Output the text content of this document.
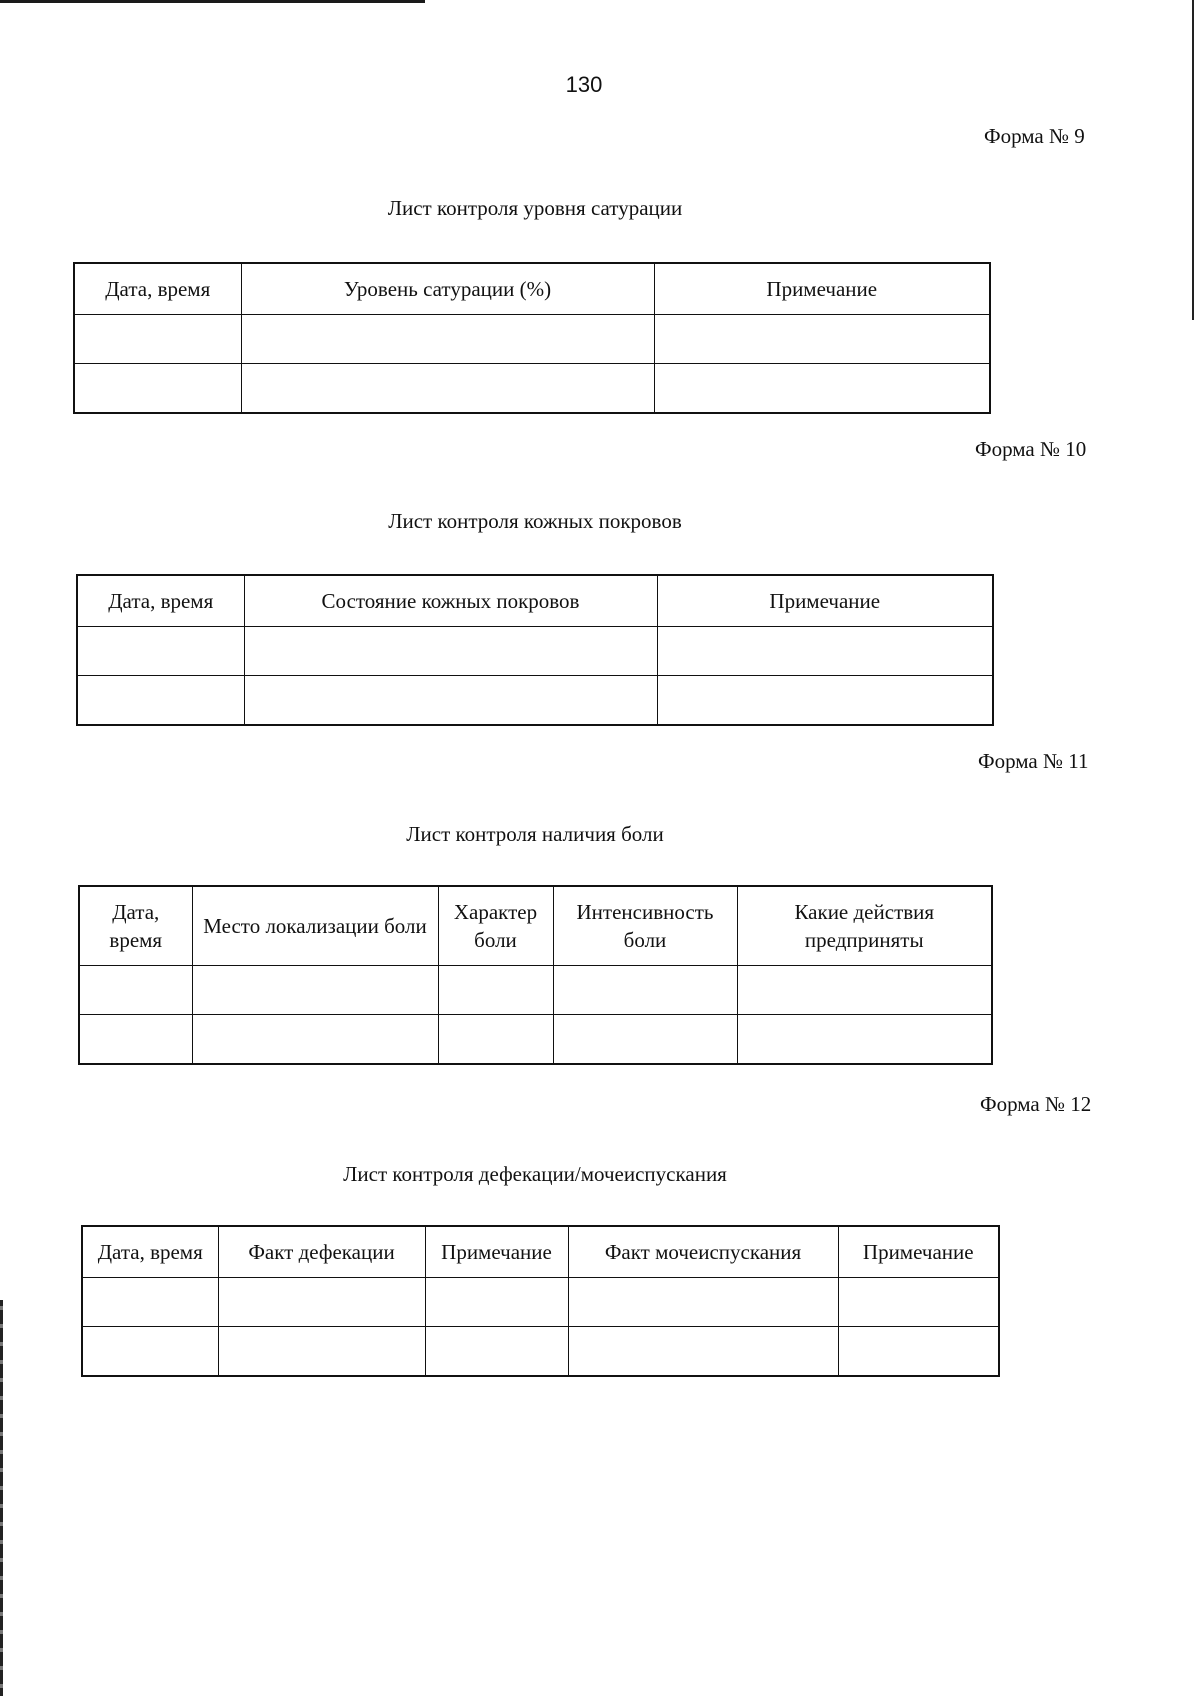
130
Форма № 9
Лист контроля уровня сатурации
Дата, время	Уровень сатурации (%)	Примечание

Форма № 10
Лист контроля кожных покровов
Дата, время	Состояние кожных покровов	Примечание

Форма № 11
Лист контроля наличия боли
Дата, время	Место локализации боли	Характер боли	Интенсивность боли	Какие действия предприняты

Форма № 12
Лист контроля дефекации/мочеиспускания
Дата, время	Факт дефекации	Примечание	Факт мочеиспускания	Примечание
